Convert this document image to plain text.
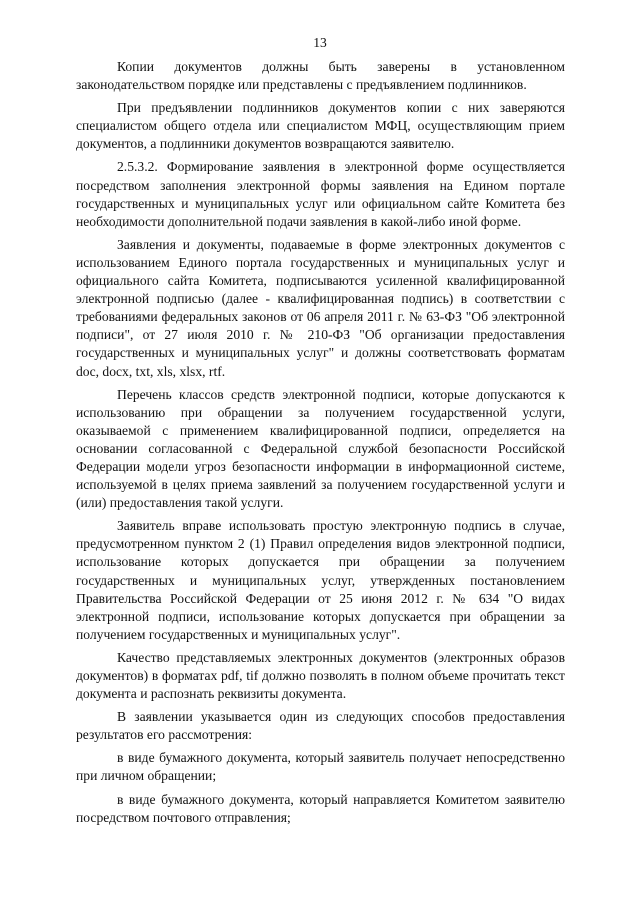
13

Копии документов должны быть заверены в установленном законодательством порядке или представлены с предъявлением подлинников.

При предъявлении подлинников документов копии с них заверяются специалистом общего отдела или специалистом МФЦ, осуществляющим прием документов, а подлинники документов возвращаются заявителю.

2.5.3.2. Формирование заявления в электронной форме осуществляется посредством заполнения электронной формы заявления на Едином портале государственных и муниципальных услуг или официальном сайте Комитета без необходимости дополнительной подачи заявления в какой-либо иной форме.

Заявления и документы, подаваемые в форме электронных документов с использованием Единого портала государственных и муниципальных услуг и официального сайта Комитета, подписываются усиленной квалифицированной электронной подписью (далее - квалифицированная подпись) в соответствии с требованиями федеральных законов от 06 апреля 2011 г. № 63-ФЗ "Об электронной подписи", от 27 июля 2010 г. № 210-ФЗ "Об организации предоставления государственных и муниципальных услуг" и должны соответствовать форматам doc, docx, txt, xls, xlsx, rtf.

Перечень классов средств электронной подписи, которые допускаются к использованию при обращении за получением государственной услуги, оказываемой с применением квалифицированной подписи, определяется на основании согласованной с Федеральной службой безопасности Российской Федерации модели угроз безопасности информации в информационной системе, используемой в целях приема заявлений за получением государственной услуги и (или) предоставления такой услуги.

Заявитель вправе использовать простую электронную подпись в случае, предусмотренном пунктом 2 (1) Правил определения видов электронной подписи, использование которых допускается при обращении за получением государственных и муниципальных услуг, утвержденных постановлением Правительства Российской Федерации от 25 июня 2012 г. № 634 "О видах электронной подписи, использование которых допускается при обращении за получением государственных и муниципальных услуг".

Качество представляемых электронных документов (электронных образов документов) в форматах pdf, tif должно позволять в полном объеме прочитать текст документа и распознать реквизиты документа.

В заявлении указывается один из следующих способов предоставления результатов его рассмотрения:

в виде бумажного документа, который заявитель получает непосредственно при личном обращении;

в виде бумажного документа, который направляется Комитетом заявителю посредством почтового отправления;
